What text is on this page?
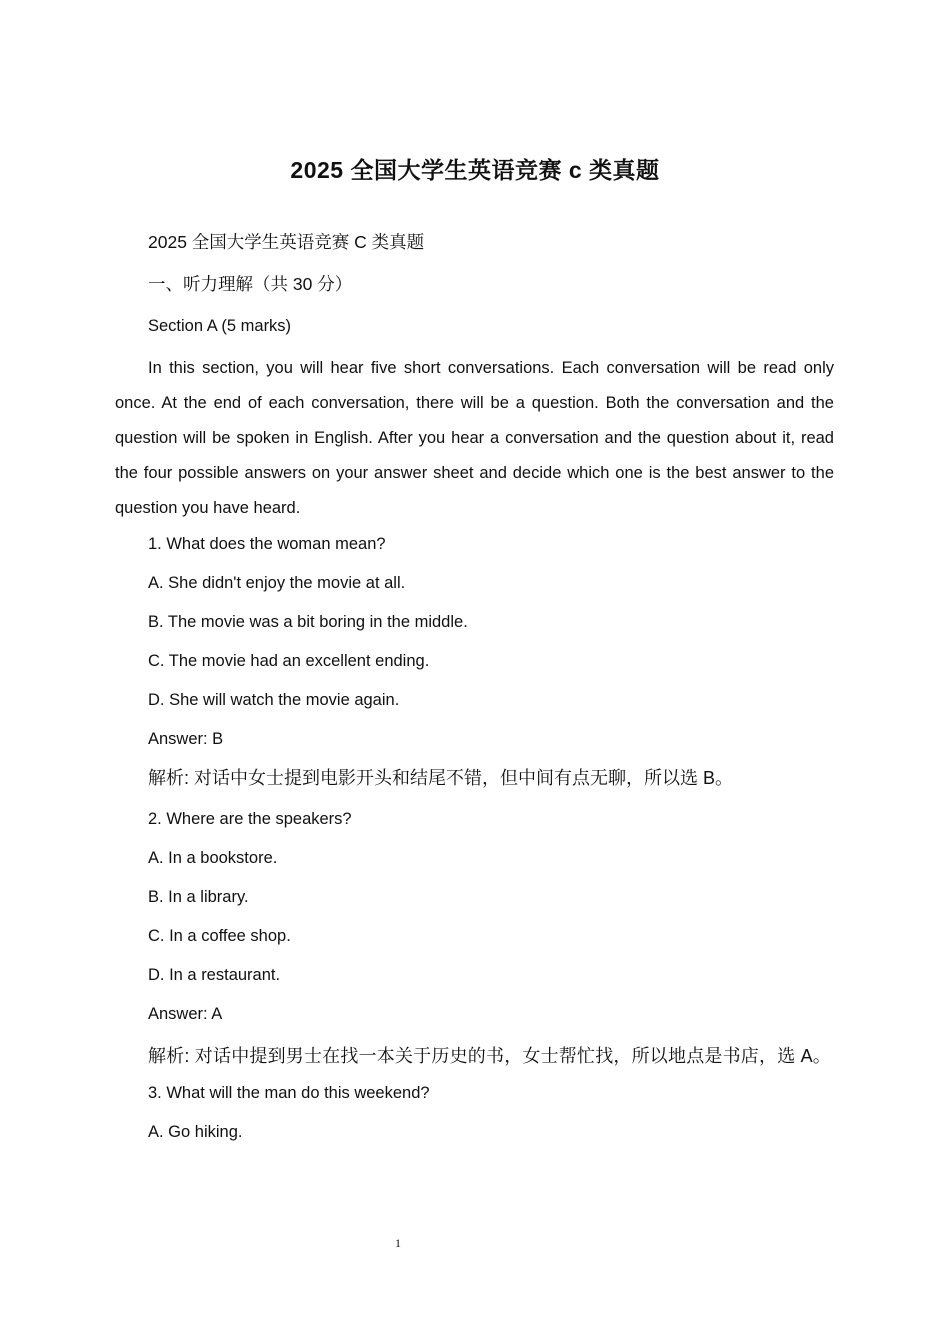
2025 全国大学生英语竞赛 c 类真题

2025 全国大学生英语竞赛 C 类真题

一、听力理解（共 30 分）

Section A (5 marks)

In this section, you will hear five short conversations. Each conversation will be read only once. At the end of each conversation, there will be a question. Both the conversation and the question will be spoken in English. After you hear a conversation and the question about it, read the four possible answers on your answer sheet and decide which one is the best answer to the question you have heard.

1. What does the woman mean?

A. She didn't enjoy the movie at all.

B. The movie was a bit boring in the middle.

C. The movie had an excellent ending.

D. She will watch the movie again.

Answer: B

解析: 对话中女士提到电影开头和结尾不错，但中间有点无聊，所以选 B。

2. Where are the speakers?

A. In a bookstore.

B. In a library.

C. In a coffee shop.

D. In a restaurant.

Answer: A

解析: 对话中提到男士在找一本关于历史的书，女士帮忙找，所以地点是书店，选 A。

3. What will the man do this weekend?

A. Go hiking.

1
